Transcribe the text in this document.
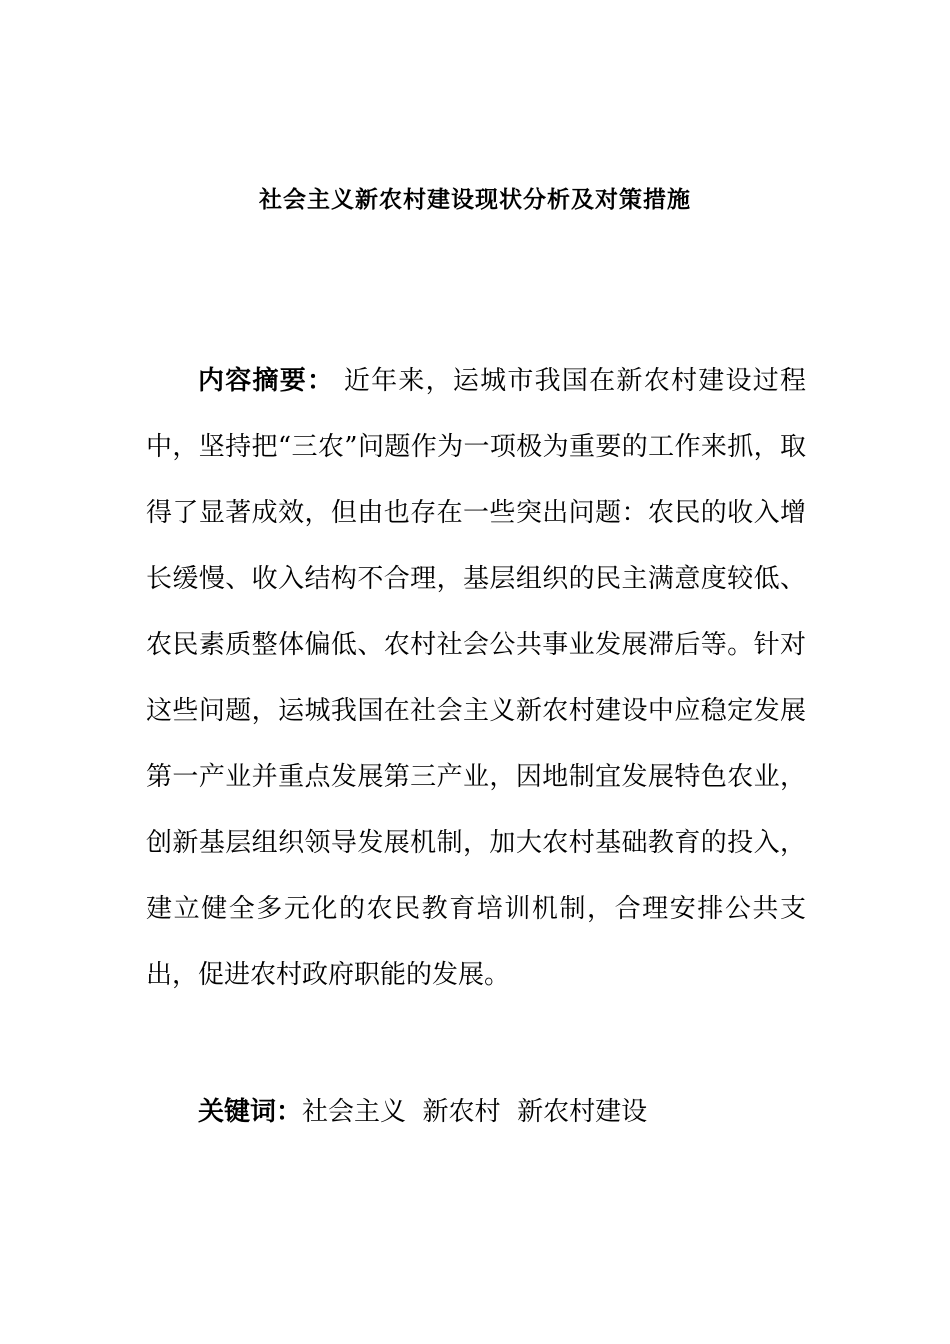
社会主义新农村建设现状分析及对策措施

内容摘要： 近年来，运城市我国在新农村建设过程中，坚持把“三农”问题作为一项极为重要的工作来抓，取得了显著成效，但由也存在一些突出问题：农民的收入增长缓慢、收入结构不合理，基层组织的民主满意度较低、农民素质整体偏低、农村社会公共事业发展滞后等。针对这些问题，运城我国在社会主义新农村建设中应稳定发展第一产业并重点发展第三产业，因地制宜发展特色农业，创新基层组织领导发展机制，加大农村基础教育的投入，建立健全多元化的农民教育培训机制，合理安排公共支出，促进农村政府职能的发展。

关键词：社会主义  新农村  新农村建设
